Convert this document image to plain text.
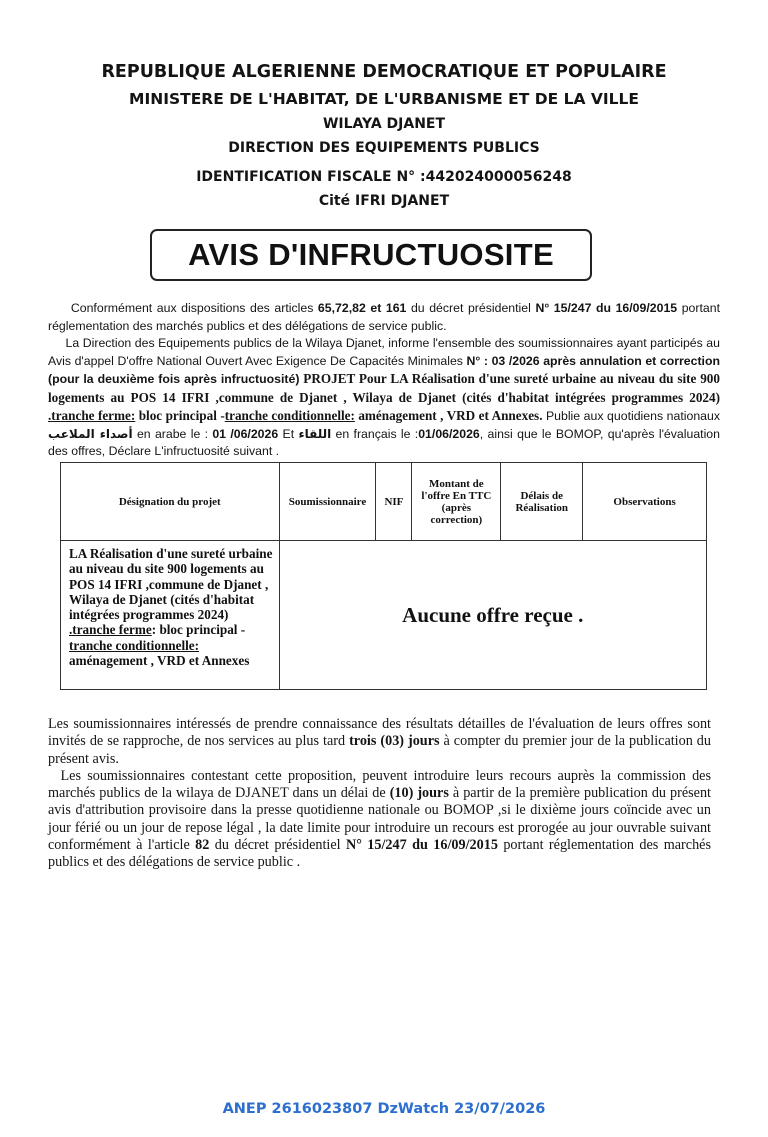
REPUBLIQUE ALGERIENNE DEMOCRATIQUE ET POPULAIRE
MINISTERE DE L'HABITAT, DE L'URBANISME ET DE LA VILLE
WILAYA DJANET
DIRECTION DES EQUIPEMENTS PUBLICS
IDENTIFICATION FISCALE N° :442024000056248
Cité IFRI DJANET
AVIS D'INFRUCTUOSITE

Conformément aux dispositions des articles 65,72,82 et 161 du décret présidentiel N° 15/247 du 16/09/2015 portant réglementation des marchés publics et des délégations de service public.

La Direction des Equipements publics de la Wilaya Djanet, informe l'ensemble des soumissionnaires ayant participés au Avis d'appel D'offre National Ouvert Avec Exigence De Capacités Minimales N° : 03 /2026 après annulation et correction (pour la deuxième fois après infructuosité) PROJET Pour LA Réalisation d'une sureté urbaine au niveau du site 900 logements au POS 14 IFRI ,commune de Djanet , Wilaya de Djanet (cités d'habitat intégrées programmes 2024) .tranche ferme: bloc principal -tranche conditionnelle: aménagement , VRD et Annexes. Publie aux quotidiens nationaux أصداء الملاعب en arabe le : 01 /06/2026 Et اللقاء en français le :01/06/2026, ainsi que le BOMOP, qu'après l'évaluation des offres, Déclare L'infructuosité suivant .

Désignation du projet	Soumissionnaire	NIF	Montant de l'offre En TTC (après correction)	Délais de Réalisation	Observations
LA Réalisation d'une sureté urbaine au niveau du site 900 logements au POS 14 IFRI ,commune de Djanet , Wilaya de Djanet (cités d'habitat intégrées programmes 2024) .tranche ferme: bloc principal -tranche conditionnelle: aménagement , VRD et Annexes	Aucune offre reçue .				

Les soumissionnaires intéressés de prendre connaissance des résultats détailles de l'évaluation de leurs offres sont invités de se rapproche, de nos services au plus tard trois (03) jours à compter du premier jour de la publication du présent avis.

Les soumissionnaires contestant cette proposition, peuvent introduire leurs recours auprès la commission des marchés publics de la wilaya de DJANET dans un délai de (10) jours à partir de la première publication du présent avis d'attribution provisoire dans la presse quotidienne nationale ou BOMOP ,si le dixième jours coïncide avec un jour férié ou un jour de repose légal , la date limite pour introduire un recours est prorogée au jour ouvrable suivant conformément à l'article 82 du décret présidentiel N° 15/247 du 16/09/2015 portant réglementation des marchés publics et des délégations de service public .

ANEP 2616023807 DzWatch 23/07/2026
